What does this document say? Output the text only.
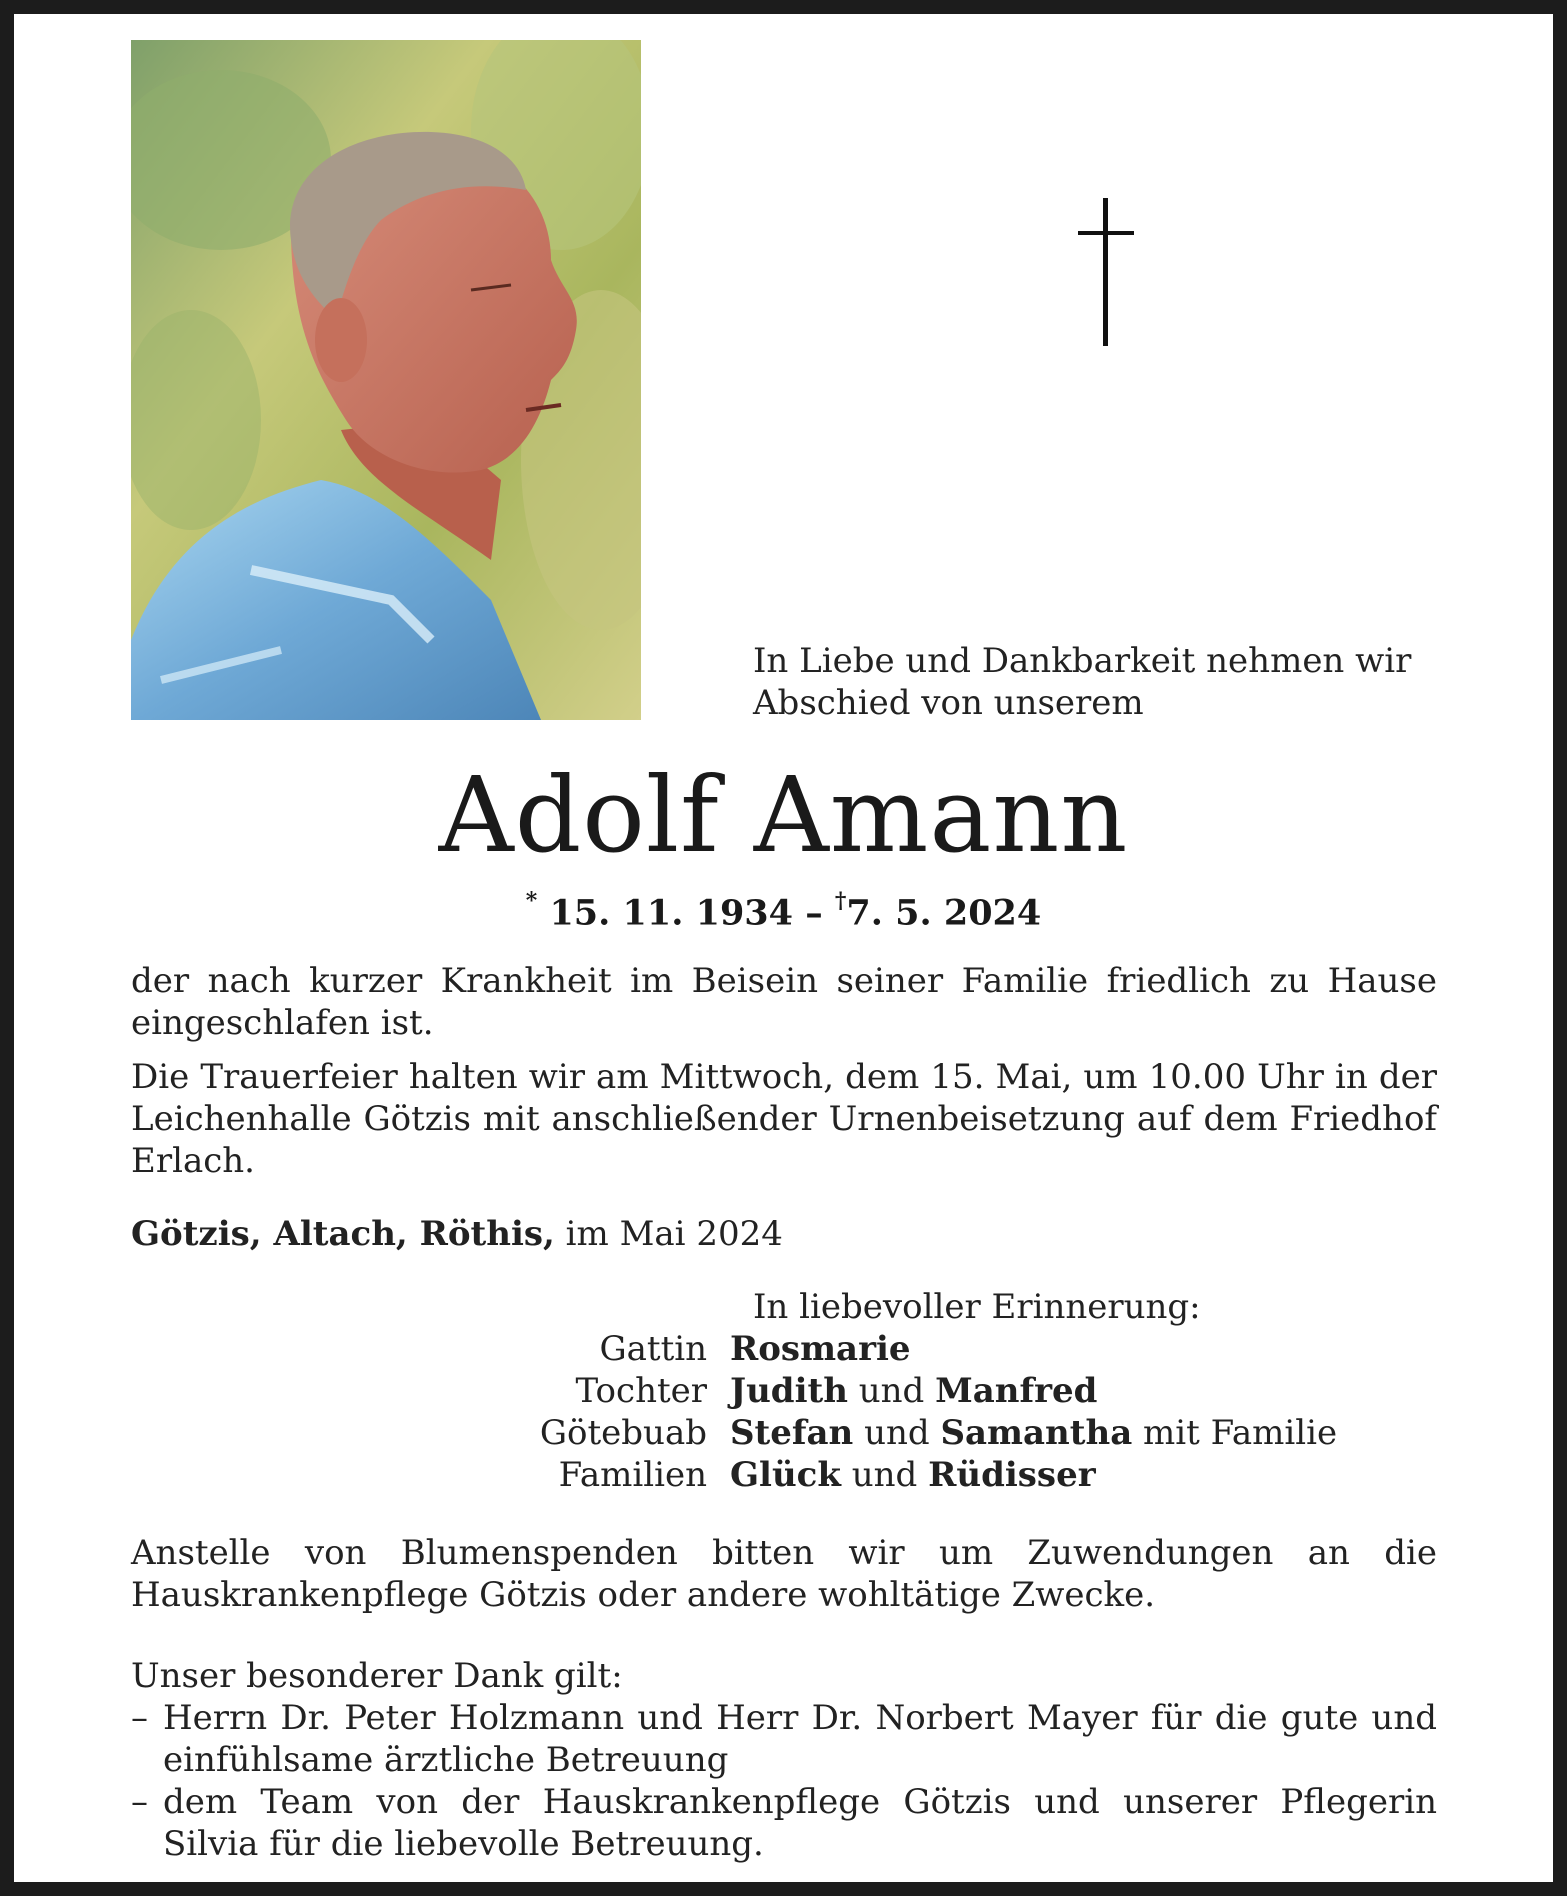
In Liebe und Dankbarkeit nehmen wir
Abschied von unserem
Adolf Amann
* 15. 11. 1934 – †7. 5. 2024
der nach kurzer Krankheit im Beisein seiner Familie friedlich zu Hause eingeschlafen ist.
Die Trauerfeier halten wir am Mittwoch, dem 15. Mai, um 10.00 Uhr in der Leichenhalle Götzis mit anschließender Urnenbeisetzung auf dem Friedhof Erlach.
Götzis, Altach, Röthis, im Mai 2024
In liebevoller Erinnerung:
Gattin Rosmarie
Tochter Judith und Manfred
Götebuab Stefan und Samantha mit Familie
Familien Glück und Rüdisser
Anstelle von Blumenspenden bitten wir um Zuwendungen an die Hauskrankenpflege Götzis oder andere wohltätige Zwecke.
Unser besonderer Dank gilt:
– Herrn Dr. Peter Holzmann und Herr Dr. Norbert Mayer für die gute und einfühlsame ärztliche Betreuung
– dem Team von der Hauskrankenpflege Götzis und unserer Pflegerin Silvia für die liebevolle Betreuung.
